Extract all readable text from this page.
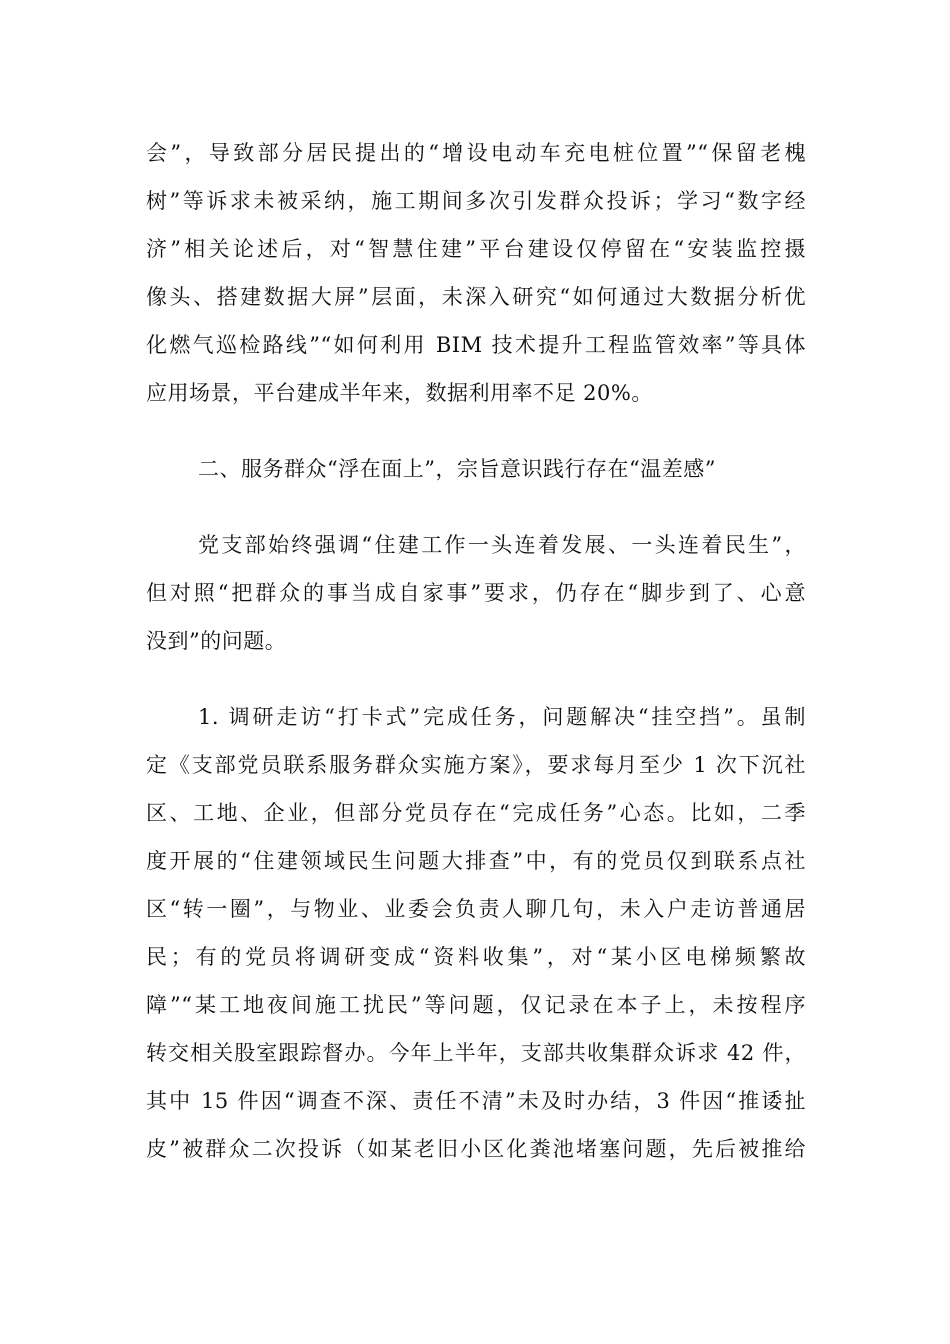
会”，导致部分居民提出的“增设电动车充电桩位置”“保留老槐
树”等诉求未被采纳，施工期间多次引发群众投诉；学习“数字经
济”相关论述后，对“智慧住建”平台建设仅停留在“安装监控摄
像头、搭建数据大屏”层面，未深入研究“如何通过大数据分析优
化燃气巡检路线”“如何利用 BIM 技术提升工程监管效率”等具体
应用场景，平台建成半年来，数据利用率不足 20%。
二、服务群众“浮在面上”，宗旨意识践行存在“温差感”
党支部始终强调“住建工作一头连着发展、一头连着民生”，
但对照“把群众的事当成自家事”要求，仍存在“脚步到了、心意
没到”的问题。
1. 调研走访“打卡式”完成任务，问题解决“挂空挡”。虽制
定《支部党员联系服务群众实施方案》，要求每月至少 1 次下沉社
区、工地、企业，但部分党员存在“完成任务”心态。比如，二季
度开展的“住建领域民生问题大排查”中，有的党员仅到联系点社
区“转一圈”，与物业、业委会负责人聊几句，未入户走访普通居
民；有的党员将调研变成“资料收集”，对“某小区电梯频繁故
障”“某工地夜间施工扰民”等问题，仅记录在本子上，未按程序
转交相关股室跟踪督办。今年上半年，支部共收集群众诉求 42 件，
其中 15 件因“调查不深、责任不清”未及时办结，3 件因“推诿扯
皮”被群众二次投诉（如某老旧小区化粪池堵塞问题，先后被推给
